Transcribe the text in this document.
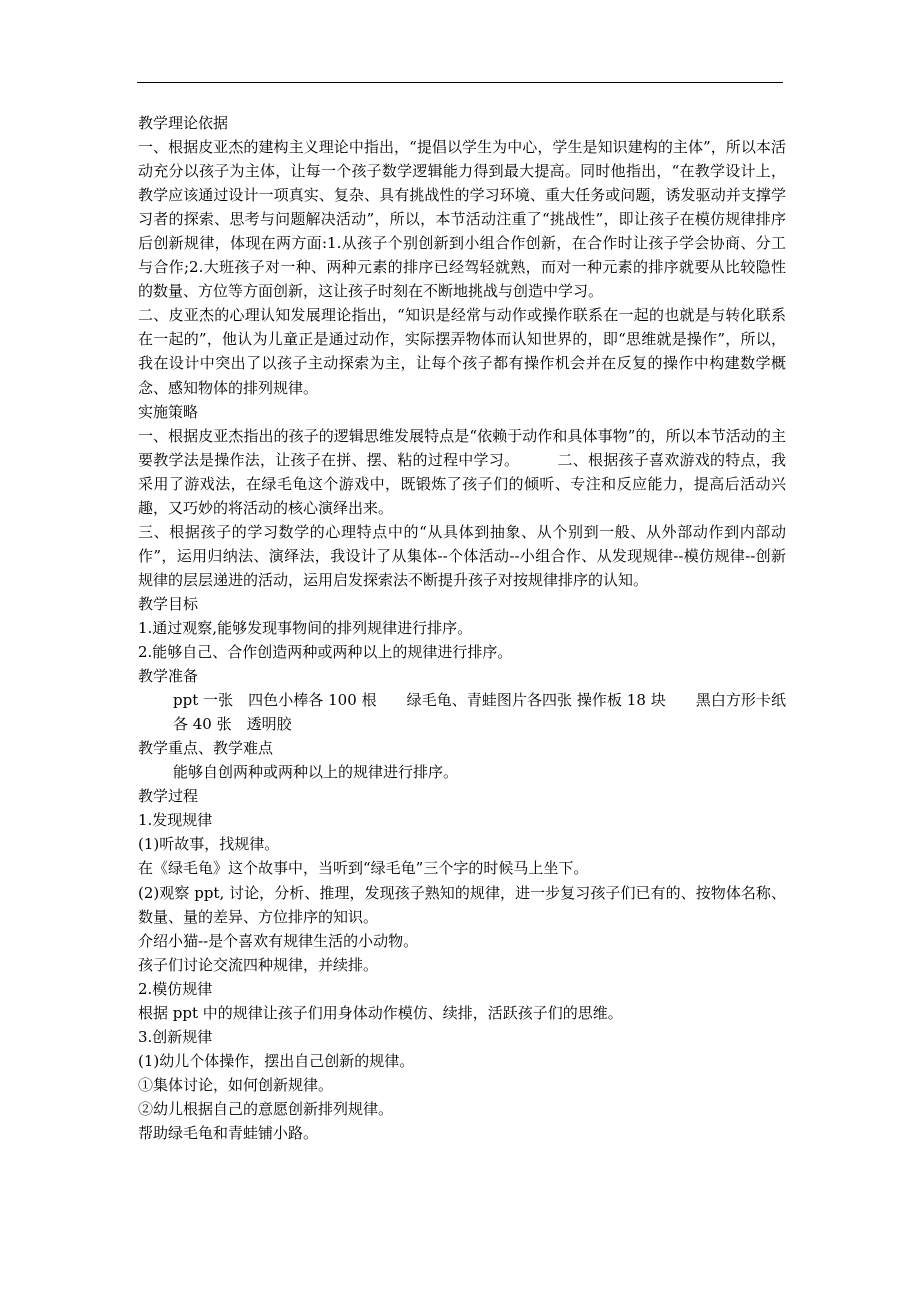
教学理论依据

一、根据皮亚杰的建构主义理论中指出，“提倡以学生为中心，学生是知识建构的主体”，所以本活动充分以孩子为主体，让每一个孩子数学逻辑能力得到最大提高。同时他指出，“在教学设计上，教学应该通过设计一项真实、复杂、具有挑战性的学习环境、重大任务或问题，诱发驱动并支撑学习者的探索、思考与问题解决活动”，所以，本节活动注重了“挑战性”，即让孩子在模仿规律排序后创新规律，体现在两方面:1.从孩子个别创新到小组合作创新，在合作时让孩子学会协商、分工与合作;2.大班孩子对一种、两种元素的排序已经驾轻就熟，而对一种元素的排序就要从比较隐性的数量、方位等方面创新，这让孩子时刻在不断地挑战与创造中学习。

二、皮亚杰的心理认知发展理论指出，“知识是经常与动作或操作联系在一起的也就是与转化联系在一起的”，他认为儿童正是通过动作，实际摆弄物体而认知世界的，即“思维就是操作”，所以，我在设计中突出了以孩子主动探索为主，让每个孩子都有操作机会并在反复的操作中构建数学概念、感知物体的排列规律。

实施策略

一、根据皮亚杰指出的孩子的逻辑思维发展特点是“依赖于动作和具体事物”的，所以本节活动的主要教学法是操作法，让孩子在拼、摆、粘的过程中学习。　　　二、根据孩子喜欢游戏的特点，我采用了游戏法，在绿毛龟这个游戏中，既锻炼了孩子们的倾听、专注和反应能力，提高后活动兴趣，又巧妙的将活动的核心演绎出来。

三、根据孩子的学习数学的心理特点中的“从具体到抽象、从个别到一般、从外部动作到内部动作”，运用归纳法、演绎法，我设计了从集体--个体活动--小组合作、从发现规律--模仿规律--创新规律的层层递进的活动，运用启发探索法不断提升孩子对按规律排序的认知。

教学目标

1.通过观察,能够发现事物间的排列规律进行排序。

2.能够自己、合作创造两种或两种以上的规律进行排序。

教学准备

ppt 一张　四色小棒各 100 根　　绿毛龟、青蛙图片各四张 操作板 18 块　　黑白方形卡纸 各 40 张　透明胶

教学重点、教学难点

能够自创两种或两种以上的规律进行排序。

教学过程

1.发现规律

(1)听故事，找规律。

在《绿毛龟》这个故事中，当听到“绿毛龟”三个字的时候马上坐下。

(2)观察 ppt, 讨论，分析、推理，发现孩子熟知的规律，进一步复习孩子们已有的、按物体名称、数量、量的差异、方位排序的知识。

介绍小猫--是个喜欢有规律生活的小动物。

孩子们讨论交流四种规律，并续排。

2.模仿规律

根据 ppt 中的规律让孩子们用身体动作模仿、续排，活跃孩子们的思维。

3.创新规律

(1)幼儿个体操作，摆出自己创新的规律。

①集体讨论，如何创新规律。

②幼儿根据自己的意愿创新排列规律。

帮助绿毛龟和青蛙铺小路。
